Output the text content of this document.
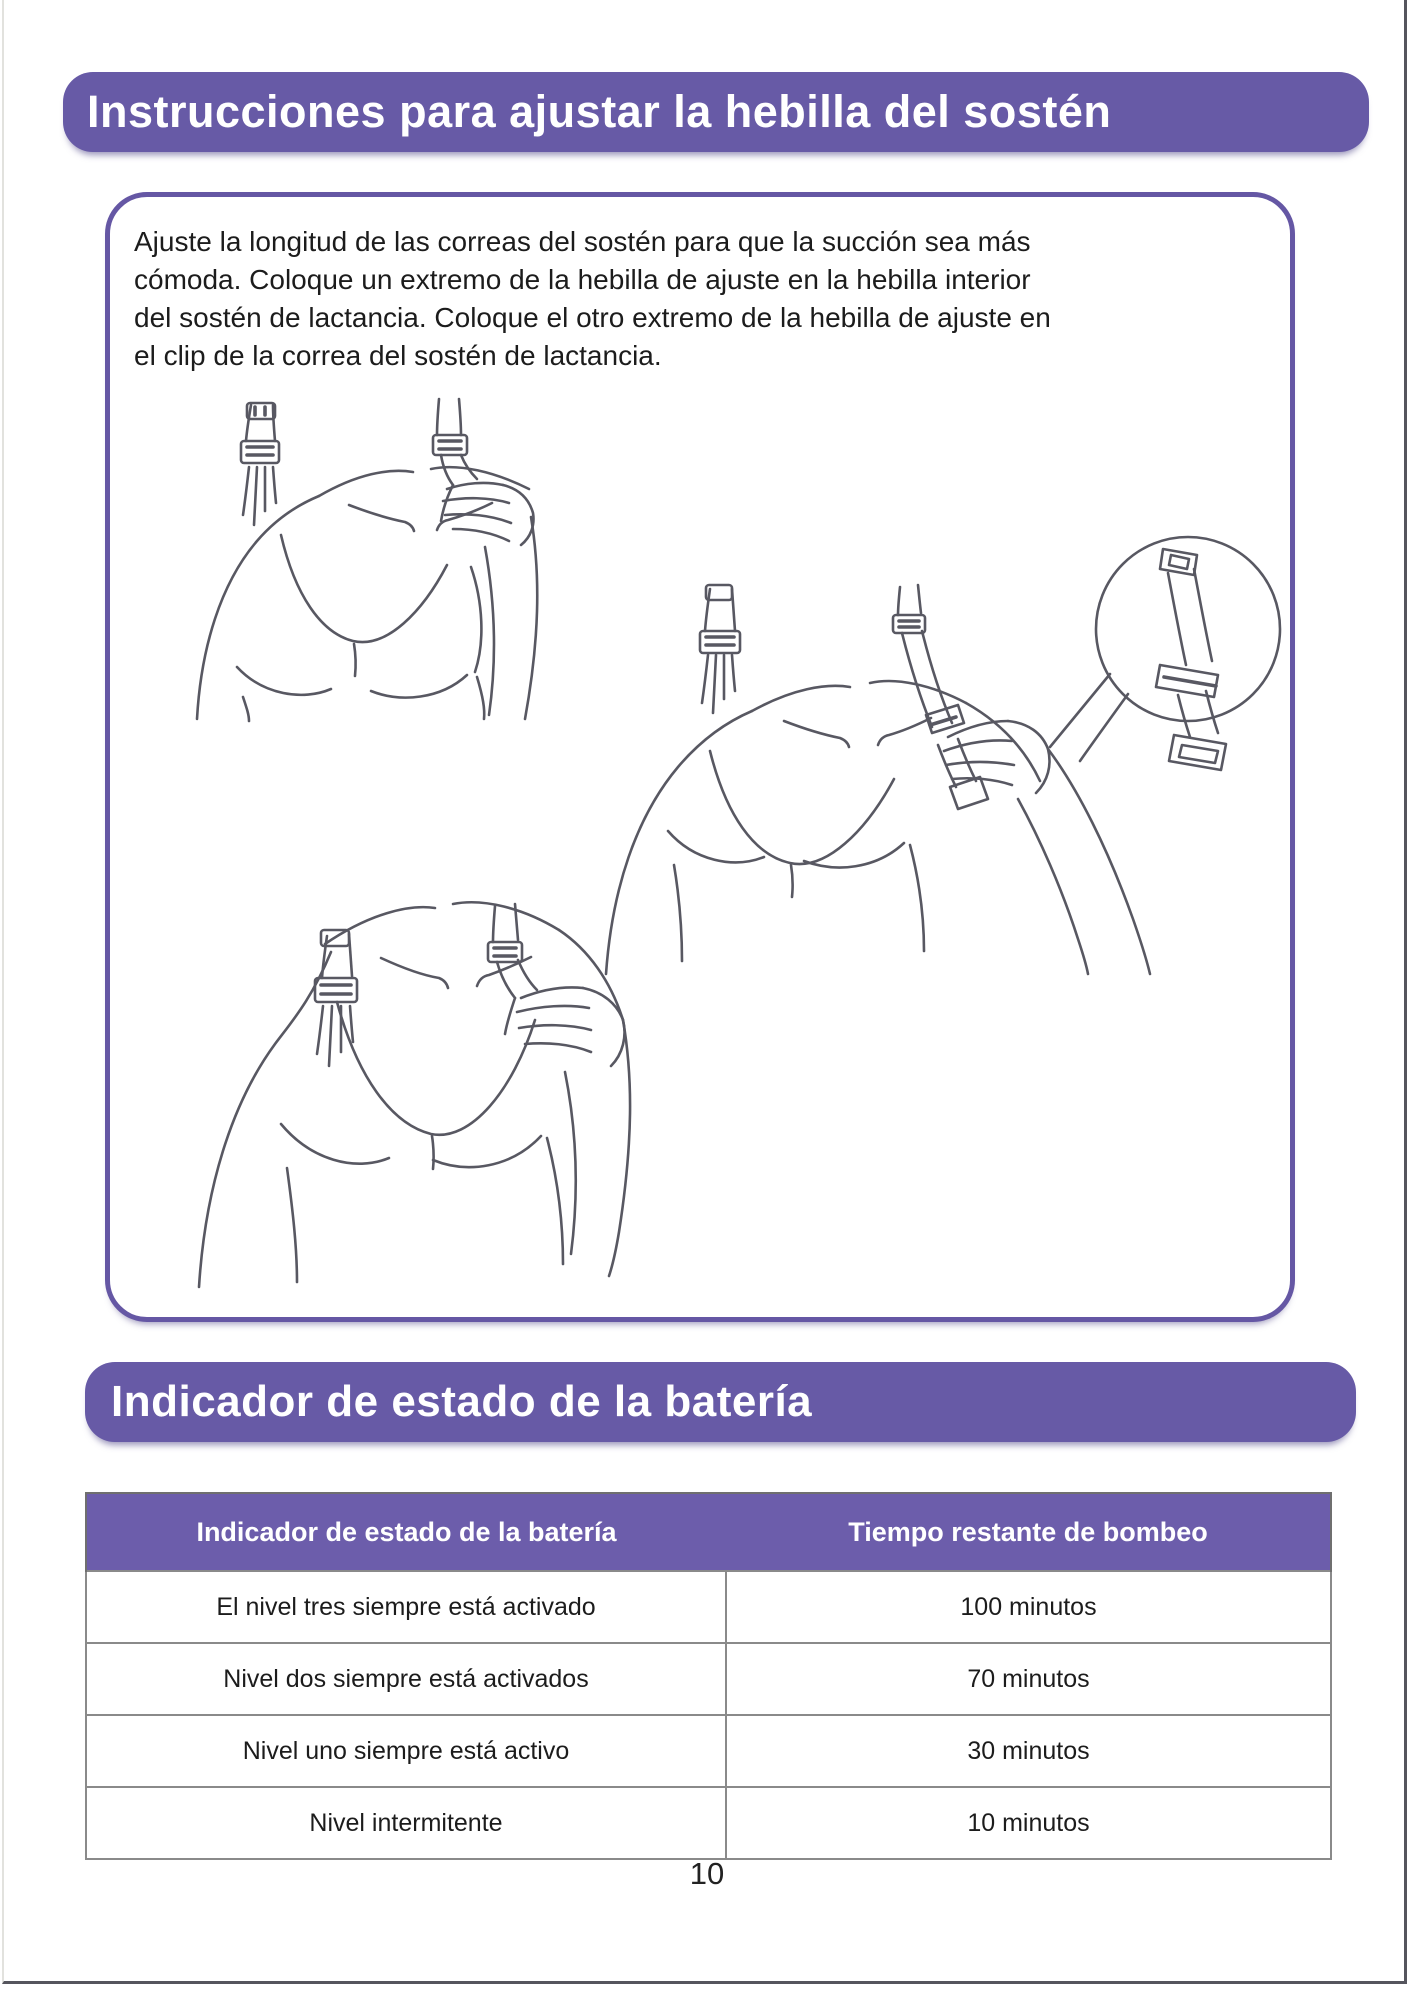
Instrucciones para ajustar la hebilla del sostén

Ajuste la longitud de las correas del sostén para que la succión sea más cómoda. Coloque un extremo de la hebilla de ajuste en la hebilla interior del sostén de lactancia. Coloque el otro extremo de la hebilla de ajuste en el clip de la correa del sostén de lactancia.

Indicador de estado de la batería
Indicador de estado de la batería	Tiempo restante de bombeo
El nivel tres siempre está activado	100 minutos
Nivel dos siempre está activados	70 minutos
Nivel uno siempre está activo	30 minutos
Nivel intermitente	10 minutos
10
